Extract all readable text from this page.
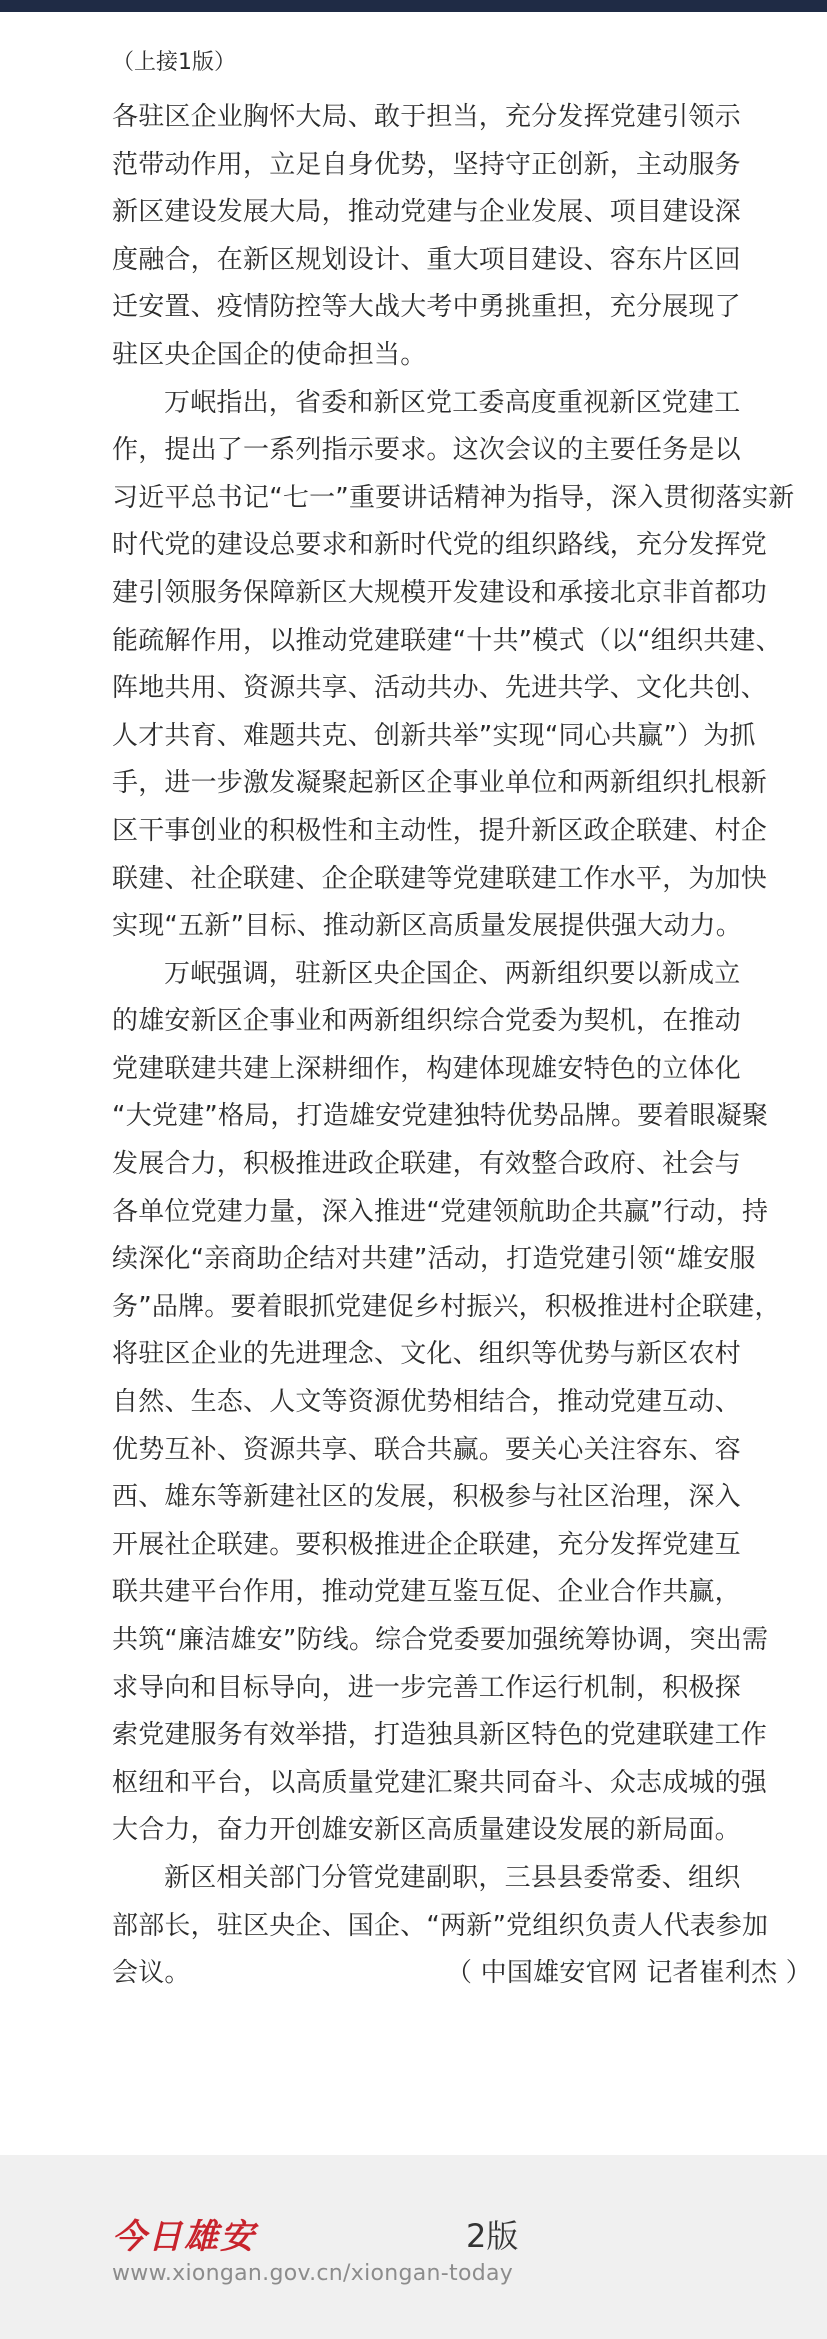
（上接1版）

各驻区企业胸怀大局、敢于担当，充分发挥党建引领示
范带动作用，立足自身优势，坚持守正创新，主动服务
新区建设发展大局，推动党建与企业发展、项目建设深
度融合，在新区规划设计、重大项目建设、容东片区回
迁安置、疫情防控等大战大考中勇挑重担，充分展现了
驻区央企国企的使命担当。

万岷指出，省委和新区党工委高度重视新区党建工
作，提出了一系列指示要求。这次会议的主要任务是以
习近平总书记“七一”重要讲话精神为指导，深入贯彻落实新
时代党的建设总要求和新时代党的组织路线，充分发挥党
建引领服务保障新区大规模开发建设和承接北京非首都功
能疏解作用，以推动党建联建“十共”模式（以“组织共建、
阵地共用、资源共享、活动共办、先进共学、文化共创、
人才共育、难题共克、创新共举”实现“同心共赢”）为抓
手，进一步激发凝聚起新区企事业单位和两新组织扎根新
区干事创业的积极性和主动性，提升新区政企联建、村企
联建、社企联建、企企联建等党建联建工作水平，为加快
实现“五新”目标、推动新区高质量发展提供强大动力。

万岷强调，驻新区央企国企、两新组织要以新成立
的雄安新区企事业和两新组织综合党委为契机，在推动
党建联建共建上深耕细作，构建体现雄安特色的立体化
“大党建”格局，打造雄安党建独特优势品牌。要着眼凝聚
发展合力，积极推进政企联建，有效整合政府、社会与
各单位党建力量，深入推进“党建领航助企共赢”行动，持
续深化“亲商助企结对共建”活动，打造党建引领“雄安服
务”品牌。要着眼抓党建促乡村振兴，积极推进村企联建，
将驻区企业的先进理念、文化、组织等优势与新区农村
自然、生态、人文等资源优势相结合，推动党建互动、
优势互补、资源共享、联合共赢。要关心关注容东、容
西、雄东等新建社区的发展，积极参与社区治理，深入
开展社企联建。要积极推进企企联建，充分发挥党建互
联共建平台作用，推动党建互鉴互促、企业合作共赢，
共筑“廉洁雄安”防线。综合党委要加强统筹协调，突出需
求导向和目标导向，进一步完善工作运行机制，积极探
索党建服务有效举措，打造独具新区特色的党建联建工作
枢纽和平台，以高质量党建汇聚共同奋斗、众志成城的强
大合力，奋力开创雄安新区高质量建设发展的新局面。

新区相关部门分管党建副职，三县县委常委、组织
部部长，驻区央企、国企、“两新”党组织负责人代表参加
会议。	（ 中国雄安官网 记者崔利杰 ）

今日雄安	2版
www.xiongan.gov.cn/xiongan-today
